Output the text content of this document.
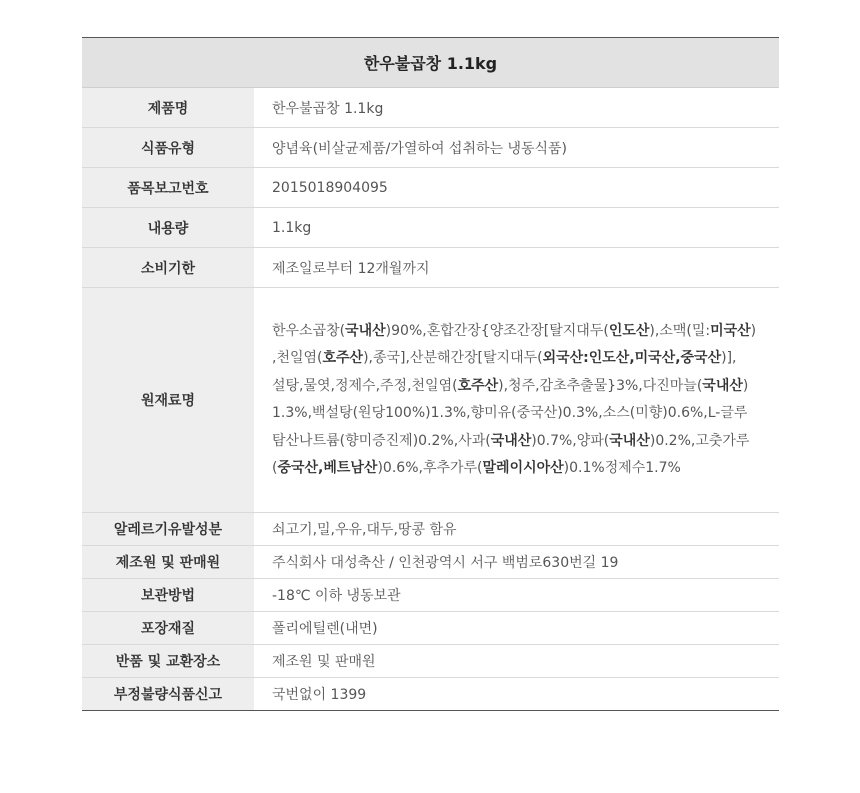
한우불곱창 1.1kg
제품명	한우불곱창 1.1kg
식품유형	양념육(비살균제품/가열하여 섭취하는 냉동식품)
품목보고번호	2015018904095
내용량	1.1kg
소비기한	제조일로부터 12개월까지
원재료명

한우소곱창(국내산)90%,혼합간장{양조간장[탈지대두(인도산),소맥(밀:미국산)

,천일염(호주산),종국],산분해간장[탈지대두(외국산:인도산,미국산,중국산)],

설탕,물엿,정제수,주정,천일염(호주산),청주,감초추출물}3%,다진마늘(국내산)

1.3%,백설탕(원당100%)1.3%,향미유(중국산)0.3%,소스(미향)0.6%,L-글루

탐산나트륨(향미증진제)0.2%,사과(국내산)0.7%,양파(국내산)0.2%,고춧가루

(중국산,베트남산)0.6%,후추가루(말레이시아산)0.1%정제수1.7%

알레르기유발성분	쇠고기,밀,우유,대두,땅콩 함유
제조원 및 판매원	주식회사 대성축산 / 인천광역시 서구 백범로630번길 19
보관방법	-18℃ 이하 냉동보관
포장재질	폴리에틸렌(내면)
반품 및 교환장소	제조원 및 판매원
부정불량식품신고	국번없이 1399
